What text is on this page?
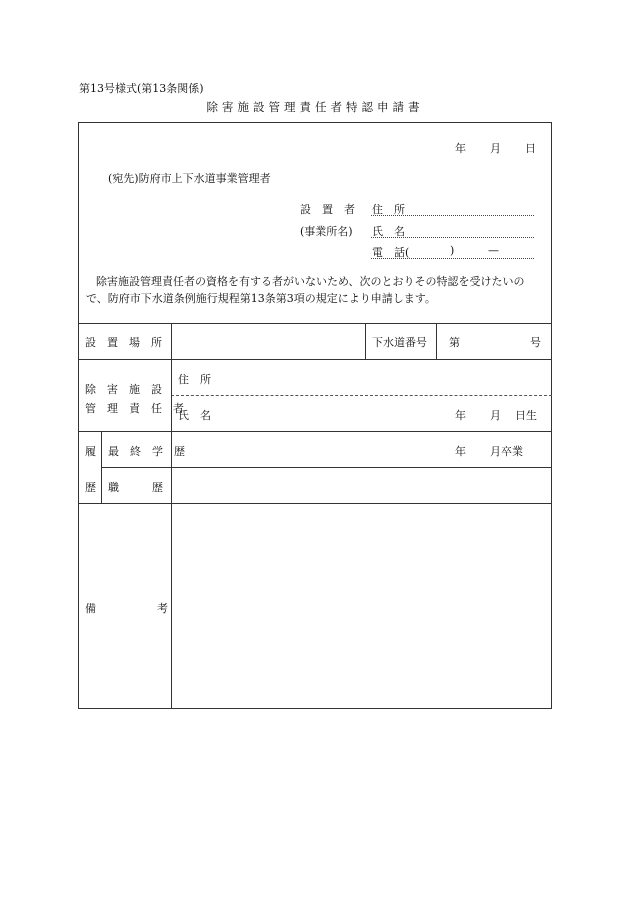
第13号様式(第13条関係)
除害施設管理責任者特認申請書
年 月 日
(宛先)防府市上下水道事業管理者
設　置　者 住　所
(事業所名) 氏　名
電　話(	)	—
除害施設管理責任者の資格を有する者がいないため、次のとおりその特認を受けたいの
で、防府市下水道条例施行規程第13条第3項の規定により申請します。
設　置　場　所	下水道番号 第	号
除　害　施　設
管　理　責　任　者
住　所
氏　名	年 月 日生
履
歴
最　終　学　歴	年 月卒業
職　　　歴
備	考
